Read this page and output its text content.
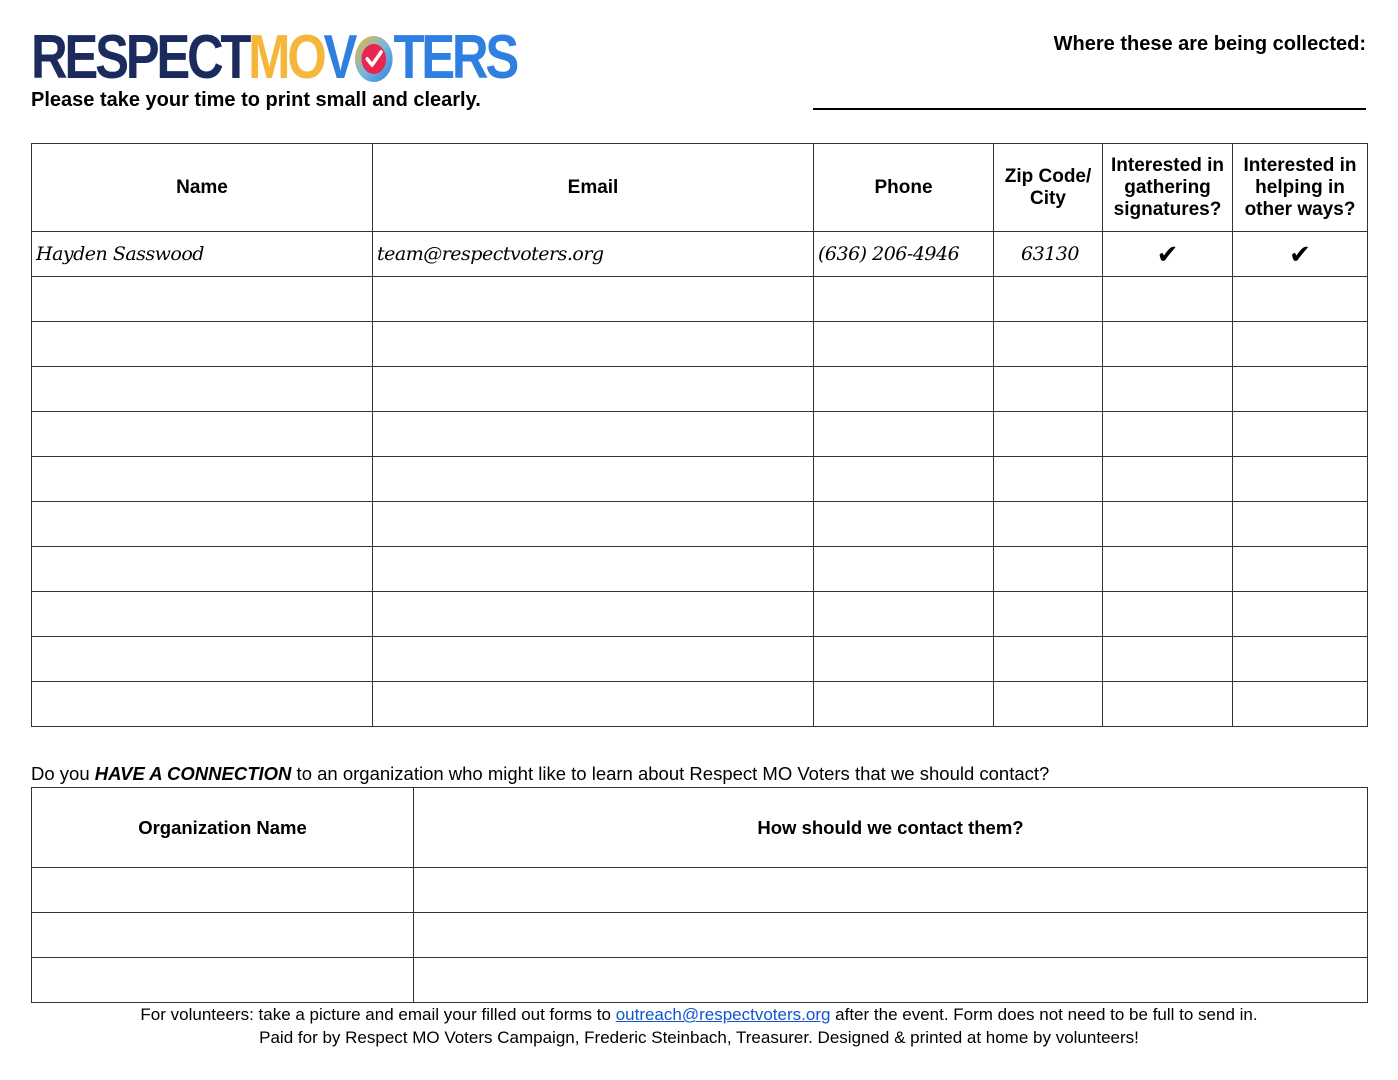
RESPECTMOV TERS
Please take your time to print small and clearly.
Where these are being collected:
Name	Email	Phone	Zip Code/ City	Interested in gathering signatures?	Interested in helping in other ways?
Hayden Sasswood	team@respectvoters.org	(636) 206-4946	63130	✔	✔

Do you HAVE A CONNECTION to an organization who might like to learn about Respect MO Voters that we should contact?
Organization Name	How should we contact them?

For volunteers: take a picture and email your filled out forms to outreach@respectvoters.org after the event. Form does not need to be full to send in.
Paid for by Respect MO Voters Campaign, Frederic Steinbach, Treasurer. Designed & printed at home by volunteers!
